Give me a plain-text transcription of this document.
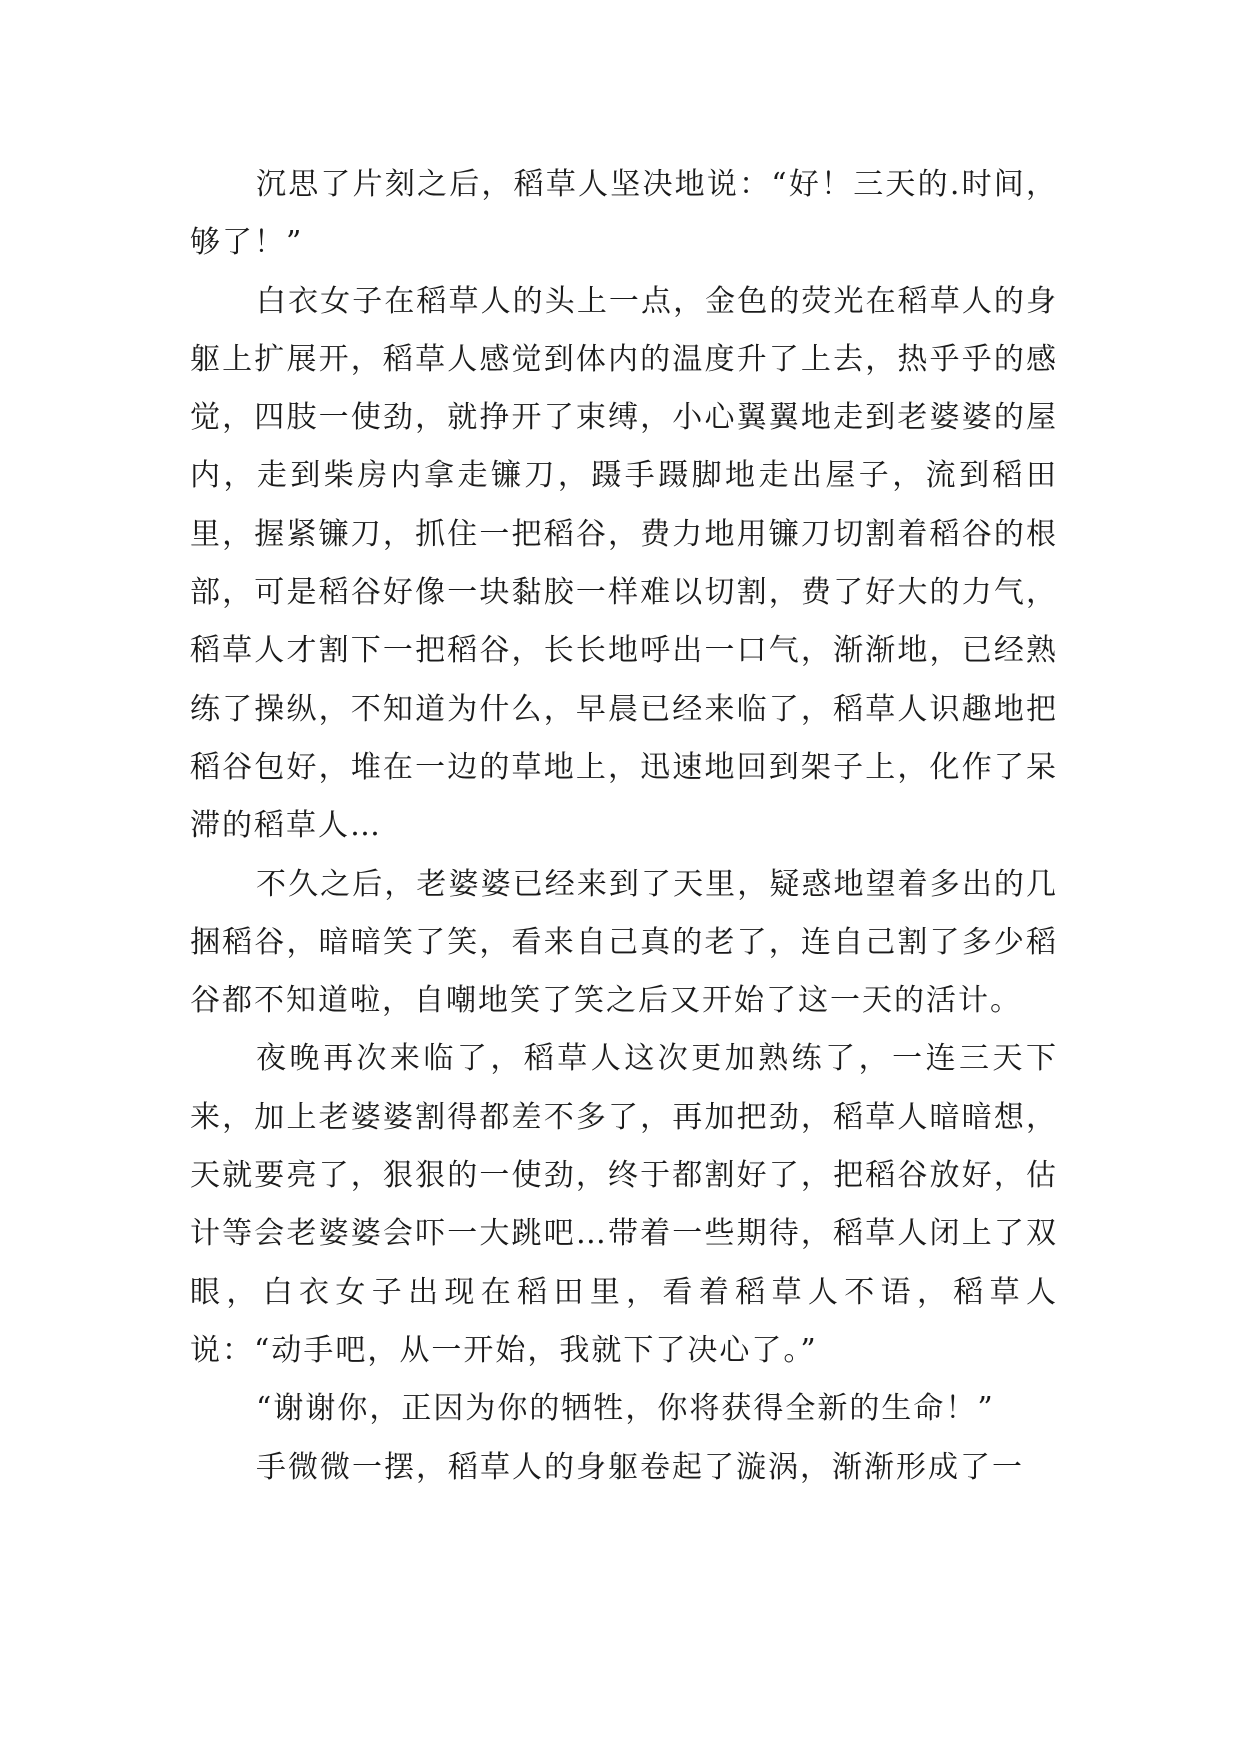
沉思了片刻之后，稻草人坚决地说：“好！三天的.时间，够了！”

白衣女子在稻草人的头上一点，金色的荧光在稻草人的身躯上扩展开，稻草人感觉到体内的温度升了上去，热乎乎的感觉，四肢一使劲，就挣开了束缚，小心翼翼地走到老婆婆的屋内，走到柴房内拿走镰刀，蹑手蹑脚地走出屋子，流到稻田里，握紧镰刀，抓住一把稻谷，费力地用镰刀切割着稻谷的根部，可是稻谷好像一块黏胶一样难以切割，费了好大的力气，稻草人才割下一把稻谷，长长地呼出一口气，渐渐地，已经熟练了操纵，不知道为什么，早晨已经来临了，稻草人识趣地把稻谷包好，堆在一边的草地上，迅速地回到架子上，化作了呆滞的稻草人…

不久之后，老婆婆已经来到了天里，疑惑地望着多出的几捆稻谷，暗暗笑了笑，看来自己真的老了，连自己割了多少稻谷都不知道啦，自嘲地笑了笑之后又开始了这一天的活计。

夜晚再次来临了，稻草人这次更加熟练了，一连三天下来，加上老婆婆割得都差不多了，再加把劲，稻草人暗暗想，天就要亮了，狠狠的一使劲，终于都割好了，把稻谷放好，估计等会老婆婆会吓一大跳吧…带着一些期待，稻草人闭上了双眼，白衣女子出现在稻田里，看着稻草人不语，稻草人说：“动手吧，从一开始，我就下了决心了。”

“谢谢你，正因为你的牺牲，你将获得全新的生命！”

手微微一摆，稻草人的身躯卷起了漩涡，渐渐形成了一
